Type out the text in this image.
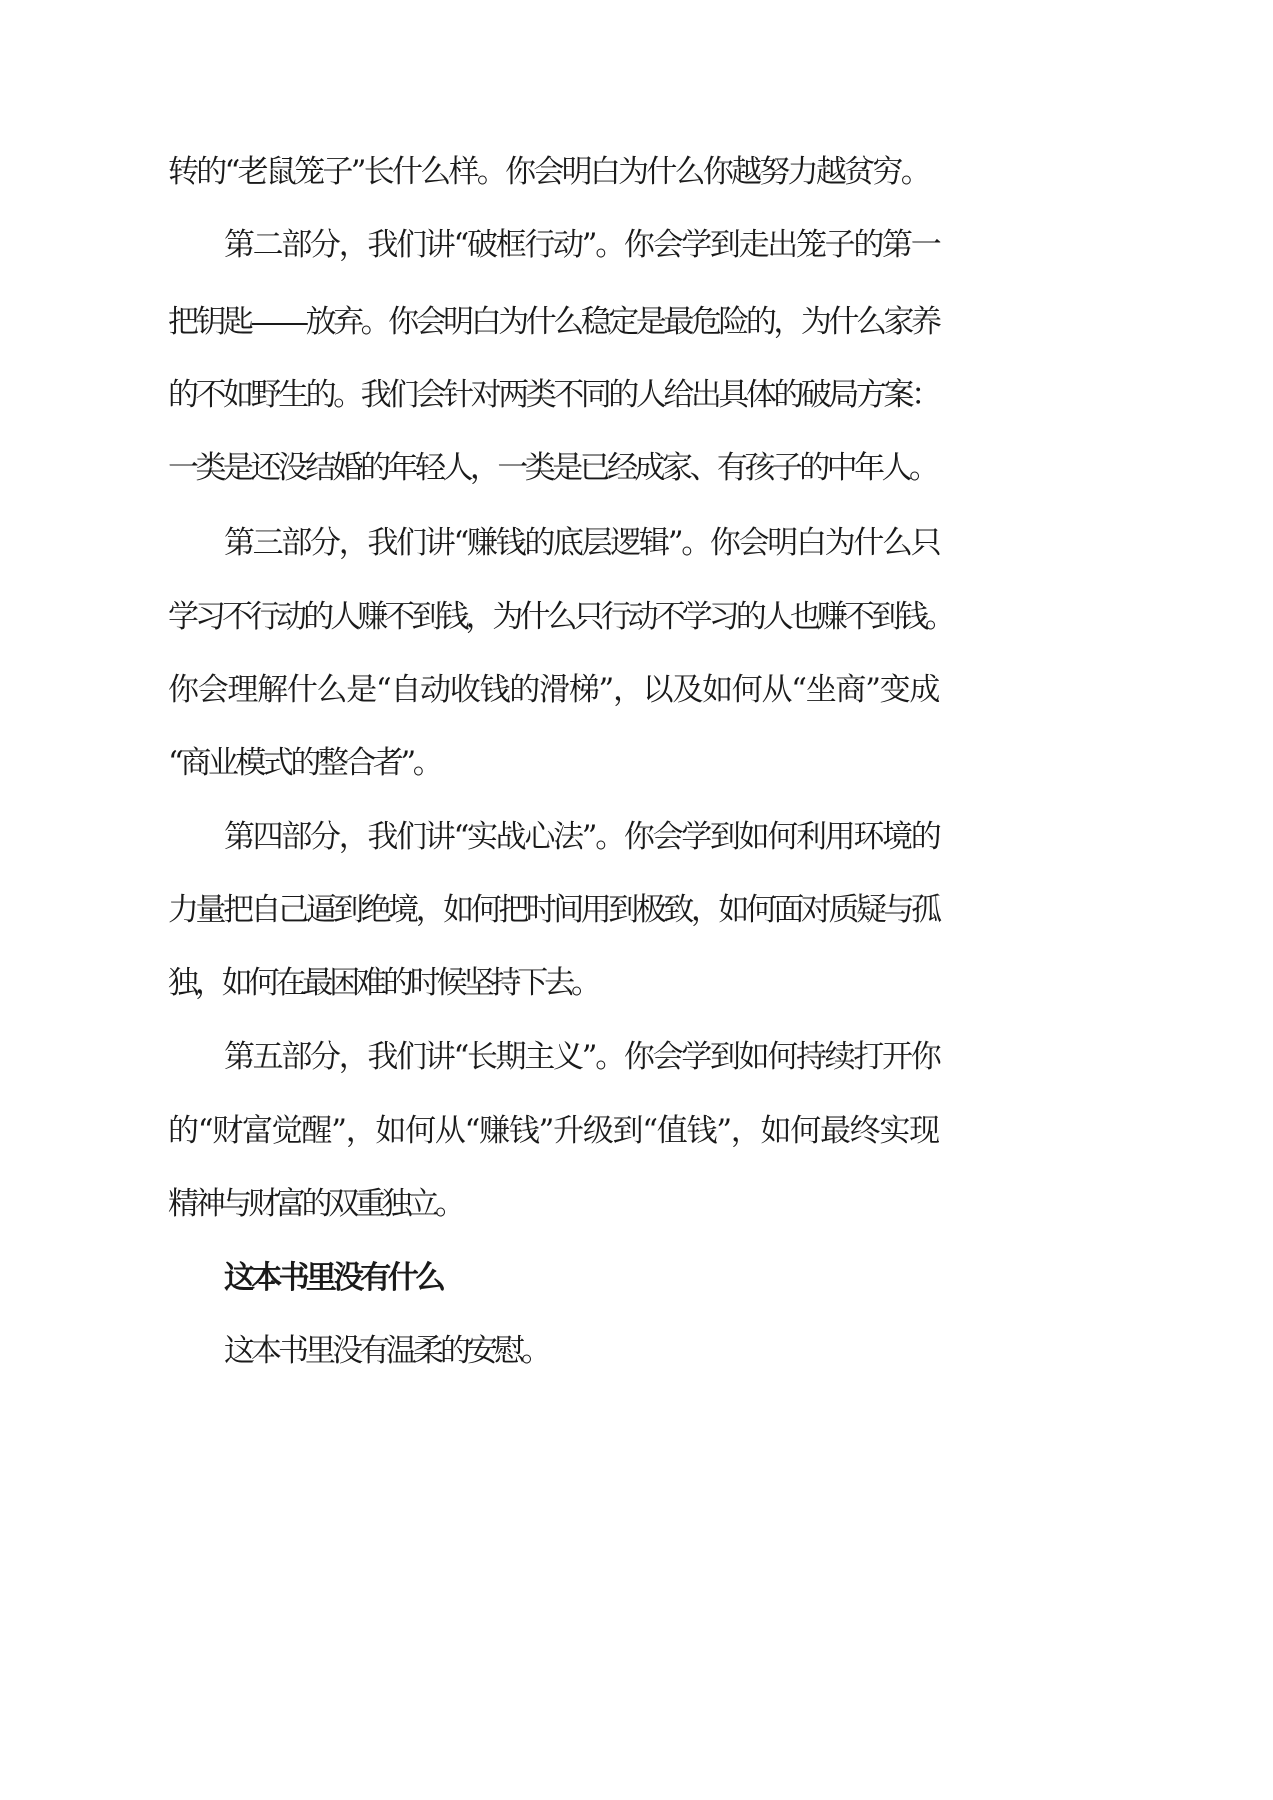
转的“老鼠笼子”长什么样。你会明白为什么你越努力越贫穷。
第二部分，我们讲“破框行动”。你会学到走出笼子的第一
把钥匙——放弃。你会明白为什么稳定是最危险的，为什么家养
的不如野生的。我们会针对两类不同的人给出具体的破局方案：
一类是还没结婚的年轻人，一类是已经成家、有孩子的中年人。
第三部分，我们讲“赚钱的底层逻辑”。你会明白为什么只
学习不行动的人赚不到钱，为什么只行动不学习的人也赚不到钱。
你会理解什么是“自动收钱的滑梯”，以及如何从“坐商”变成
“商业模式的整合者”。
第四部分，我们讲“实战心法”。你会学到如何利用环境的
力量把自己逼到绝境，如何把时间用到极致，如何面对质疑与孤
独，如何在最困难的时候坚持下去。
第五部分，我们讲“长期主义”。你会学到如何持续打开你
的“财富觉醒”，如何从“赚钱”升级到“值钱”，如何最终实现
精神与财富的双重独立。
这本书里没有什么
这本书里没有温柔的安慰。
